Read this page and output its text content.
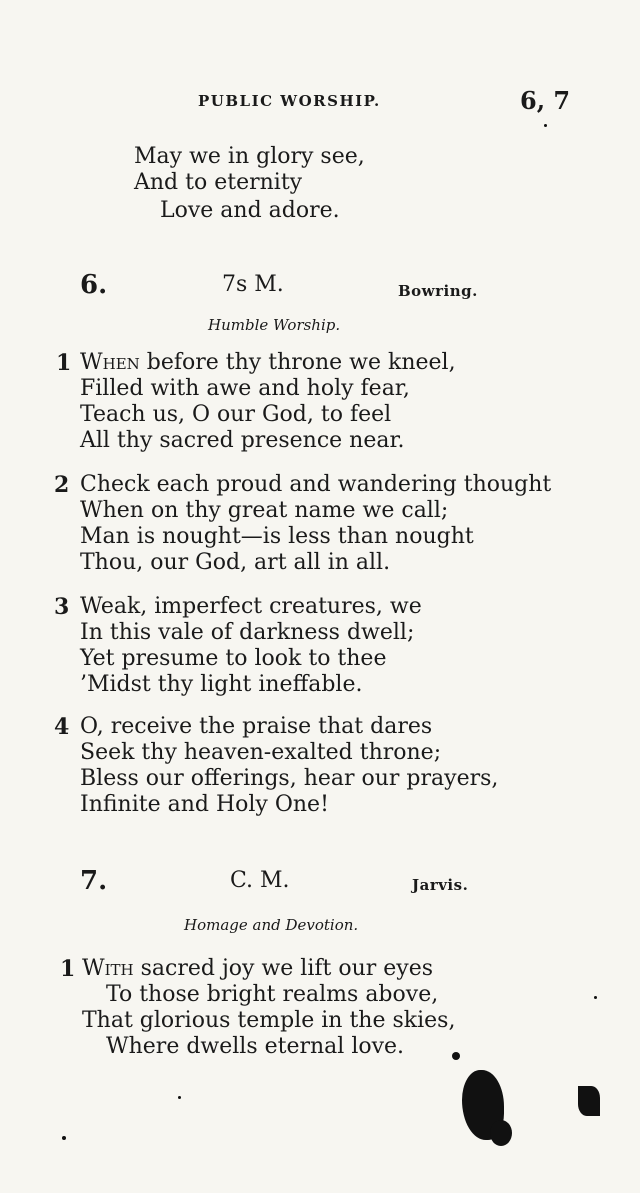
PUBLIC WORSHIP.	6, 7
May we in glory see,
And to eternity
Love and adore.
6.	7s M.	Bowring.
Humble Worship.
1 When before thy throne we kneel,
Filled with awe and holy fear,
Teach us, O our God, to feel
All thy sacred presence near.
2 Check each proud and wandering thought
When on thy great name we call;
Man is nought—is less than nought
Thou, our God, art all in all.
3 Weak, imperfect creatures, we
In this vale of darkness dwell;
Yet presume to look to thee
’Midst thy light ineffable.
4 O, receive the praise that dares
Seek thy heaven-exalted throne;
Bless our offerings, hear our prayers,
Infinite and Holy One!
7.	C. M.	Jarvis.
Homage and Devotion.
1 With sacred joy we lift our eyes
To those bright realms above,
That glorious temple in the skies,
Where dwells eternal love.
